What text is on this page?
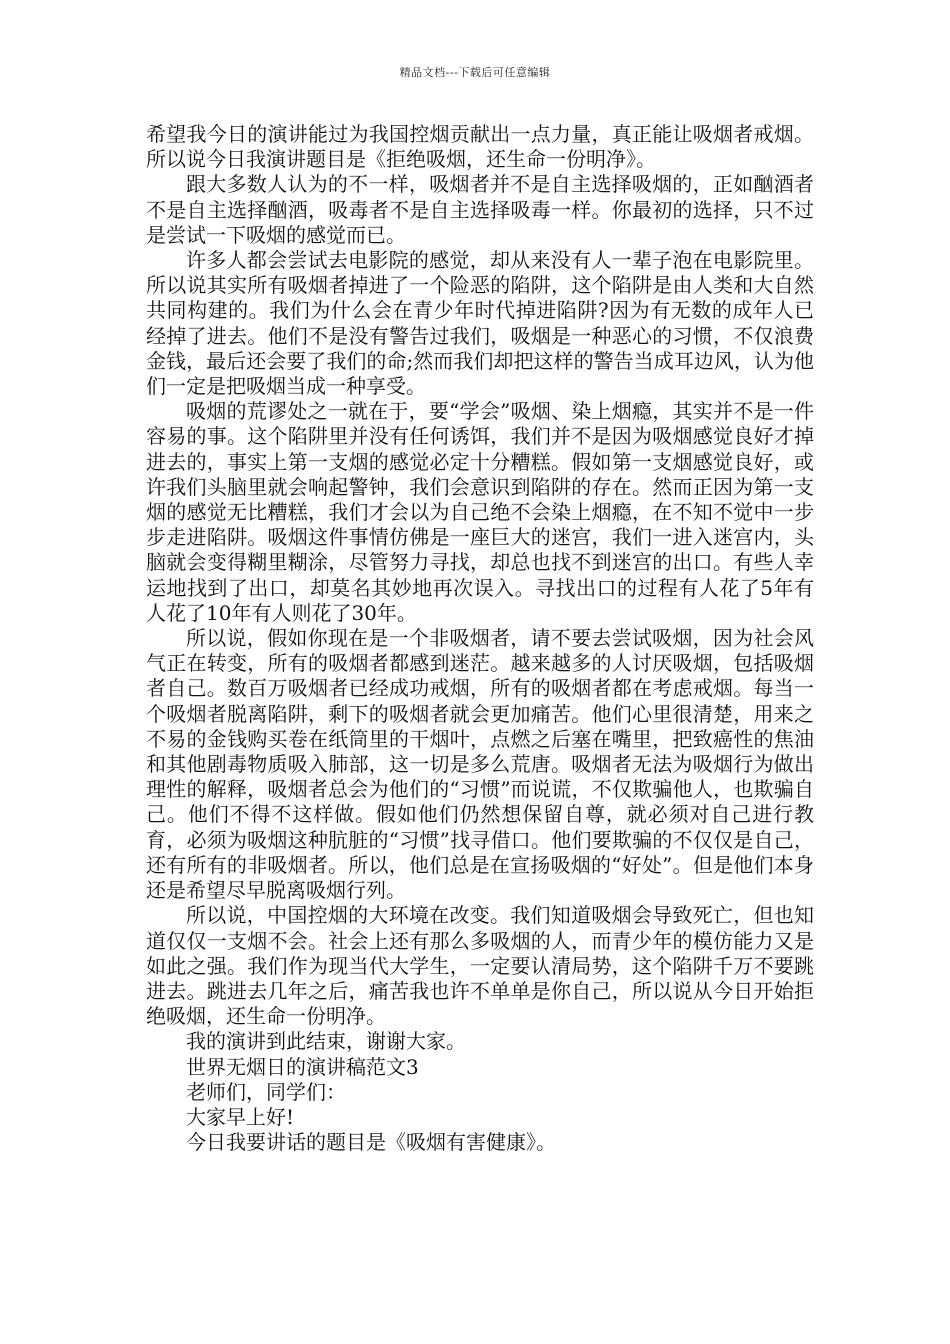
精品文档---下载后可任意编辑

希望我今日的演讲能过为我国控烟贡献出一点力量，真正能让吸烟者戒烟。所以说今日我演讲题目是《拒绝吸烟，还生命一份明净》。

跟大多数人认为的不一样，吸烟者并不是自主选择吸烟的，正如酗酒者不是自主选择酗酒，吸毒者不是自主选择吸毒一样。你最初的选择，只不过是尝试一下吸烟的感觉而已。

许多人都会尝试去电影院的感觉，却从来没有人一辈子泡在电影院里。所以说其实所有吸烟者掉进了一个险恶的陷阱，这个陷阱是由人类和大自然共同构建的。我们为什么会在青少年时代掉进陷阱?因为有无数的成年人已经掉了进去。他们不是没有警告过我们，吸烟是一种恶心的习惯，不仅浪费金钱，最后还会要了我们的命;然而我们却把这样的警告当成耳边风，认为他们一定是把吸烟当成一种享受。

吸烟的荒谬处之一就在于，要“学会”吸烟、染上烟瘾，其实并不是一件容易的事。这个陷阱里并没有任何诱饵，我们并不是因为吸烟感觉良好才掉进去的，事实上第一支烟的感觉必定十分糟糕。假如第一支烟感觉良好，或许我们头脑里就会响起警钟，我们会意识到陷阱的存在。然而正因为第一支烟的感觉无比糟糕，我们才会以为自己绝不会染上烟瘾，在不知不觉中一步步走进陷阱。吸烟这件事情仿佛是一座巨大的迷宫，我们一进入迷宫内，头脑就会变得糊里糊涂，尽管努力寻找，却总也找不到迷宫的出口。有些人幸运地找到了出口，却莫名其妙地再次误入。寻找出口的过程有人花了5年有人花了10年有人则花了30年。

所以说，假如你现在是一个非吸烟者，请不要去尝试吸烟，因为社会风气正在转变，所有的吸烟者都感到迷茫。越来越多的人讨厌吸烟，包括吸烟者自己。数百万吸烟者已经成功戒烟，所有的吸烟者都在考虑戒烟。每当一个吸烟者脱离陷阱，剩下的吸烟者就会更加痛苦。他们心里很清楚，用来之不易的金钱购买卷在纸筒里的干烟叶，点燃之后塞在嘴里，把致癌性的焦油和其他剧毒物质吸入肺部，这一切是多么荒唐。吸烟者无法为吸烟行为做出理性的解释，吸烟者总会为他们的“习惯”而说谎，不仅欺骗他人，也欺骗自己。他们不得不这样做。假如他们仍然想保留自尊，就必须对自己进行教育，必须为吸烟这种肮脏的“习惯”找寻借口。他们要欺骗的不仅仅是自己，还有所有的非吸烟者。所以，他们总是在宣扬吸烟的“好处”。但是他们本身还是希望尽早脱离吸烟行列。

所以说，中国控烟的大环境在改变。我们知道吸烟会导致死亡，但也知道仅仅一支烟不会。社会上还有那么多吸烟的人，而青少年的模仿能力又是如此之强。我们作为现当代大学生，一定要认清局势，这个陷阱千万不要跳进去。跳进去几年之后，痛苦我也许不单单是你自己，所以说从今日开始拒绝吸烟，还生命一份明净。

我的演讲到此结束，谢谢大家。

世界无烟日的演讲稿范文3

老师们，同学们：

大家早上好!

今日我要讲话的题目是《吸烟有害健康》。
